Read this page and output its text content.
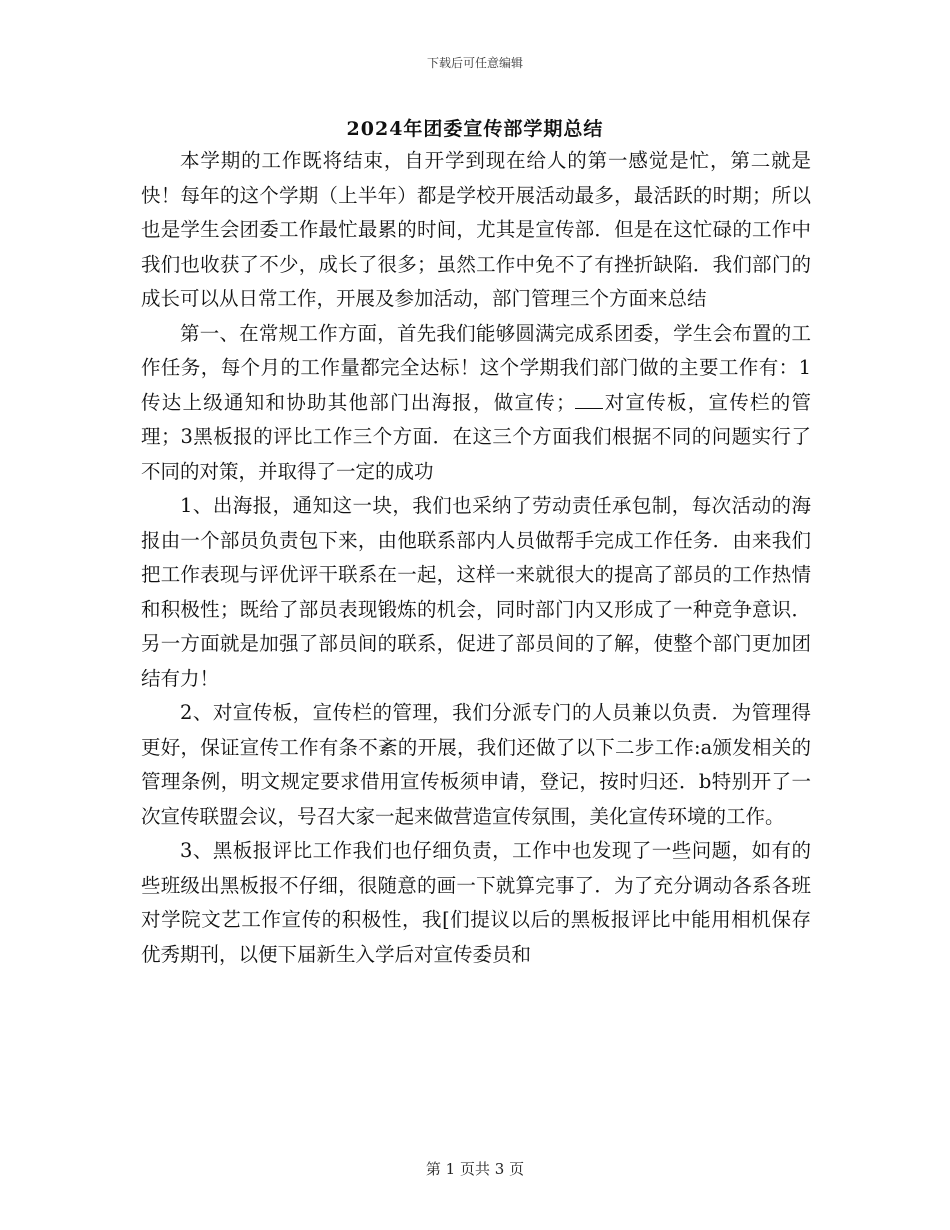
下载后可任意编辑
2024年团委宣传部学期总结

本学期的工作既将结束，自开学到现在给人的第一感觉是忙，第二就是快！每年的这个学期（上半年）都是学校开展活动最多，最活跃的时期；所以也是学生会团委工作最忙最累的时间，尤其是宣传部．但是在这忙碌的工作中我们也收获了不少，成长了很多；虽然工作中免不了有挫折缺陷．我们部门的成长可以从日常工作，开展及参加活动，部门管理三个方面来总结

第一、在常规工作方面，首先我们能够圆满完成系团委，学生会布置的工作任务，每个月的工作量都完全达标！这个学期我们部门做的主要工作有：1传达上级通知和协助其他部门出海报，做宣传； 对宣传板，宣传栏的管理；3黑板报的评比工作三个方面．在这三个方面我们根据不同的问题实行了不同的对策，并取得了一定的成功

1、出海报，通知这一块，我们也采纳了劳动责任承包制，每次活动的海报由一个部员负责包下来，由他联系部内人员做帮手完成工作任务．由来我们把工作表现与评优评干联系在一起，这样一来就很大的提高了部员的工作热情和积极性；既给了部员表现锻炼的机会，同时部门内又形成了一种竞争意识．另一方面就是加强了部员间的联系，促进了部员间的了解，使整个部门更加团结有力！

2、对宣传板，宣传栏的管理，我们分派专门的人员兼以负责．为管理得更好，保证宣传工作有条不紊的开展，我们还做了以下二步工作:a颁发相关的管理条例，明文规定要求借用宣传板须申请，登记，按时归还．b特别开了一次宣传联盟会议，号召大家一起来做营造宣传氛围，美化宣传环境的工作。

3、黑板报评比工作我们也仔细负责，工作中也发现了一些问题，如有的些班级出黑板报不仔细，很随意的画一下就算完事了．为了充分调动各系各班对学院文艺工作宣传的积极性，我[们提议以后的黑板报评比中能用相机保存优秀期刊，以便下届新生入学后对宣传委员和

第 1 页共 3 页
